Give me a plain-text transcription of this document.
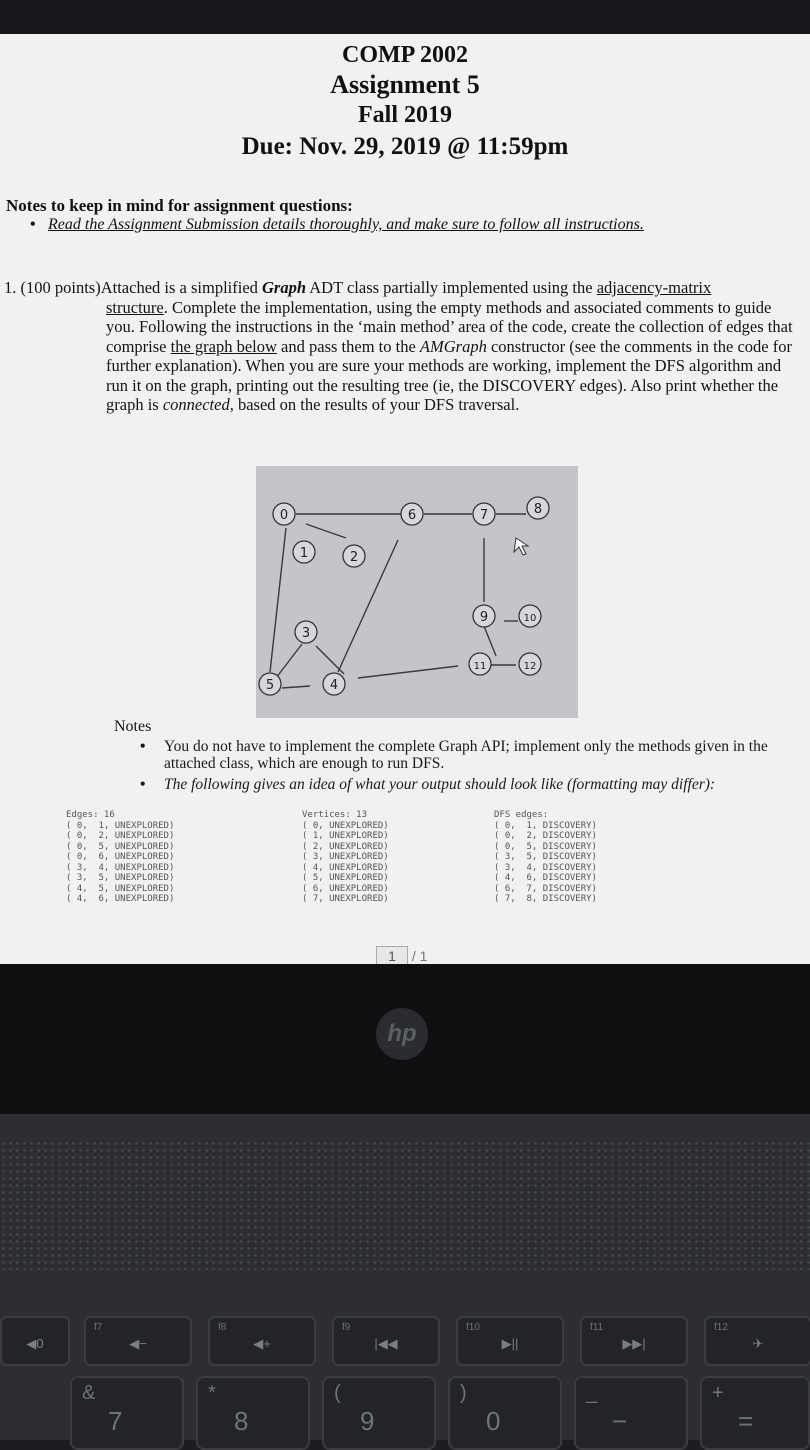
COMP 2002
Assignment 5
Fall 2019
Due: Nov. 29, 2019 @ 11:59pm
Notes to keep in mind for assignment questions:
• Read the Assignment Submission details thoroughly, and make sure to follow all instructions.
1. (100 points)Attached is a simplified Graph ADT class partially implemented using the adjacency-matrix
structure. Complete the implementation, using the empty methods and associated comments to guide you. Following the instructions in the ‘main method’ area of the code, create the collection of edges that comprise the graph below and pass them to the AMGraph constructor (see the comments in the code for further explanation). When you are sure your methods are working, implement the DFS algorithm and run it on the graph, printing out the resulting tree (ie, the DISCOVERY edges). Also print whether the graph is connected, based on the results of your DFS traversal.
0
1	2
3
4
5
6	7	8
9	10
11	12
Notes
• You do not have to implement the complete Graph API; implement only the methods given in the attached class, which are enough to run DFS.
• The following gives an idea of what your output should look like (formatting may differ):
Edges: 16
( 0,  1, UNEXPLORED)
( 0,  2, UNEXPLORED)
( 0,  5, UNEXPLORED)
( 0,  6, UNEXPLORED)
( 3,  4, UNEXPLORED)
( 3,  5, UNEXPLORED)
( 4,  5, UNEXPLORED)
( 4,  6, UNEXPLORED)
Vertices: 13
( 0, UNEXPLORED)
( 1, UNEXPLORED)
( 2, UNEXPLORED)
( 3, UNEXPLORED)
( 4, UNEXPLORED)
( 5, UNEXPLORED)
( 6, UNEXPLORED)
( 7, UNEXPLORED)
DFS edges:
( 0,  1, DISCOVERY)
( 0,  2, DISCOVERY)
( 0,  5, DISCOVERY)
( 3,  5, DISCOVERY)
( 3,  4, DISCOVERY)
( 4,  6, DISCOVERY)
( 6,  7, DISCOVERY)
( 7,  8, DISCOVERY)
1 / 1
hp
◀0
f7
◀−
f8
◀+
f9
|◀◀
f10
▶||
f11
▶▶|
f12
✈
&
7
*
8
(
9
)
0
_
−
+
=
